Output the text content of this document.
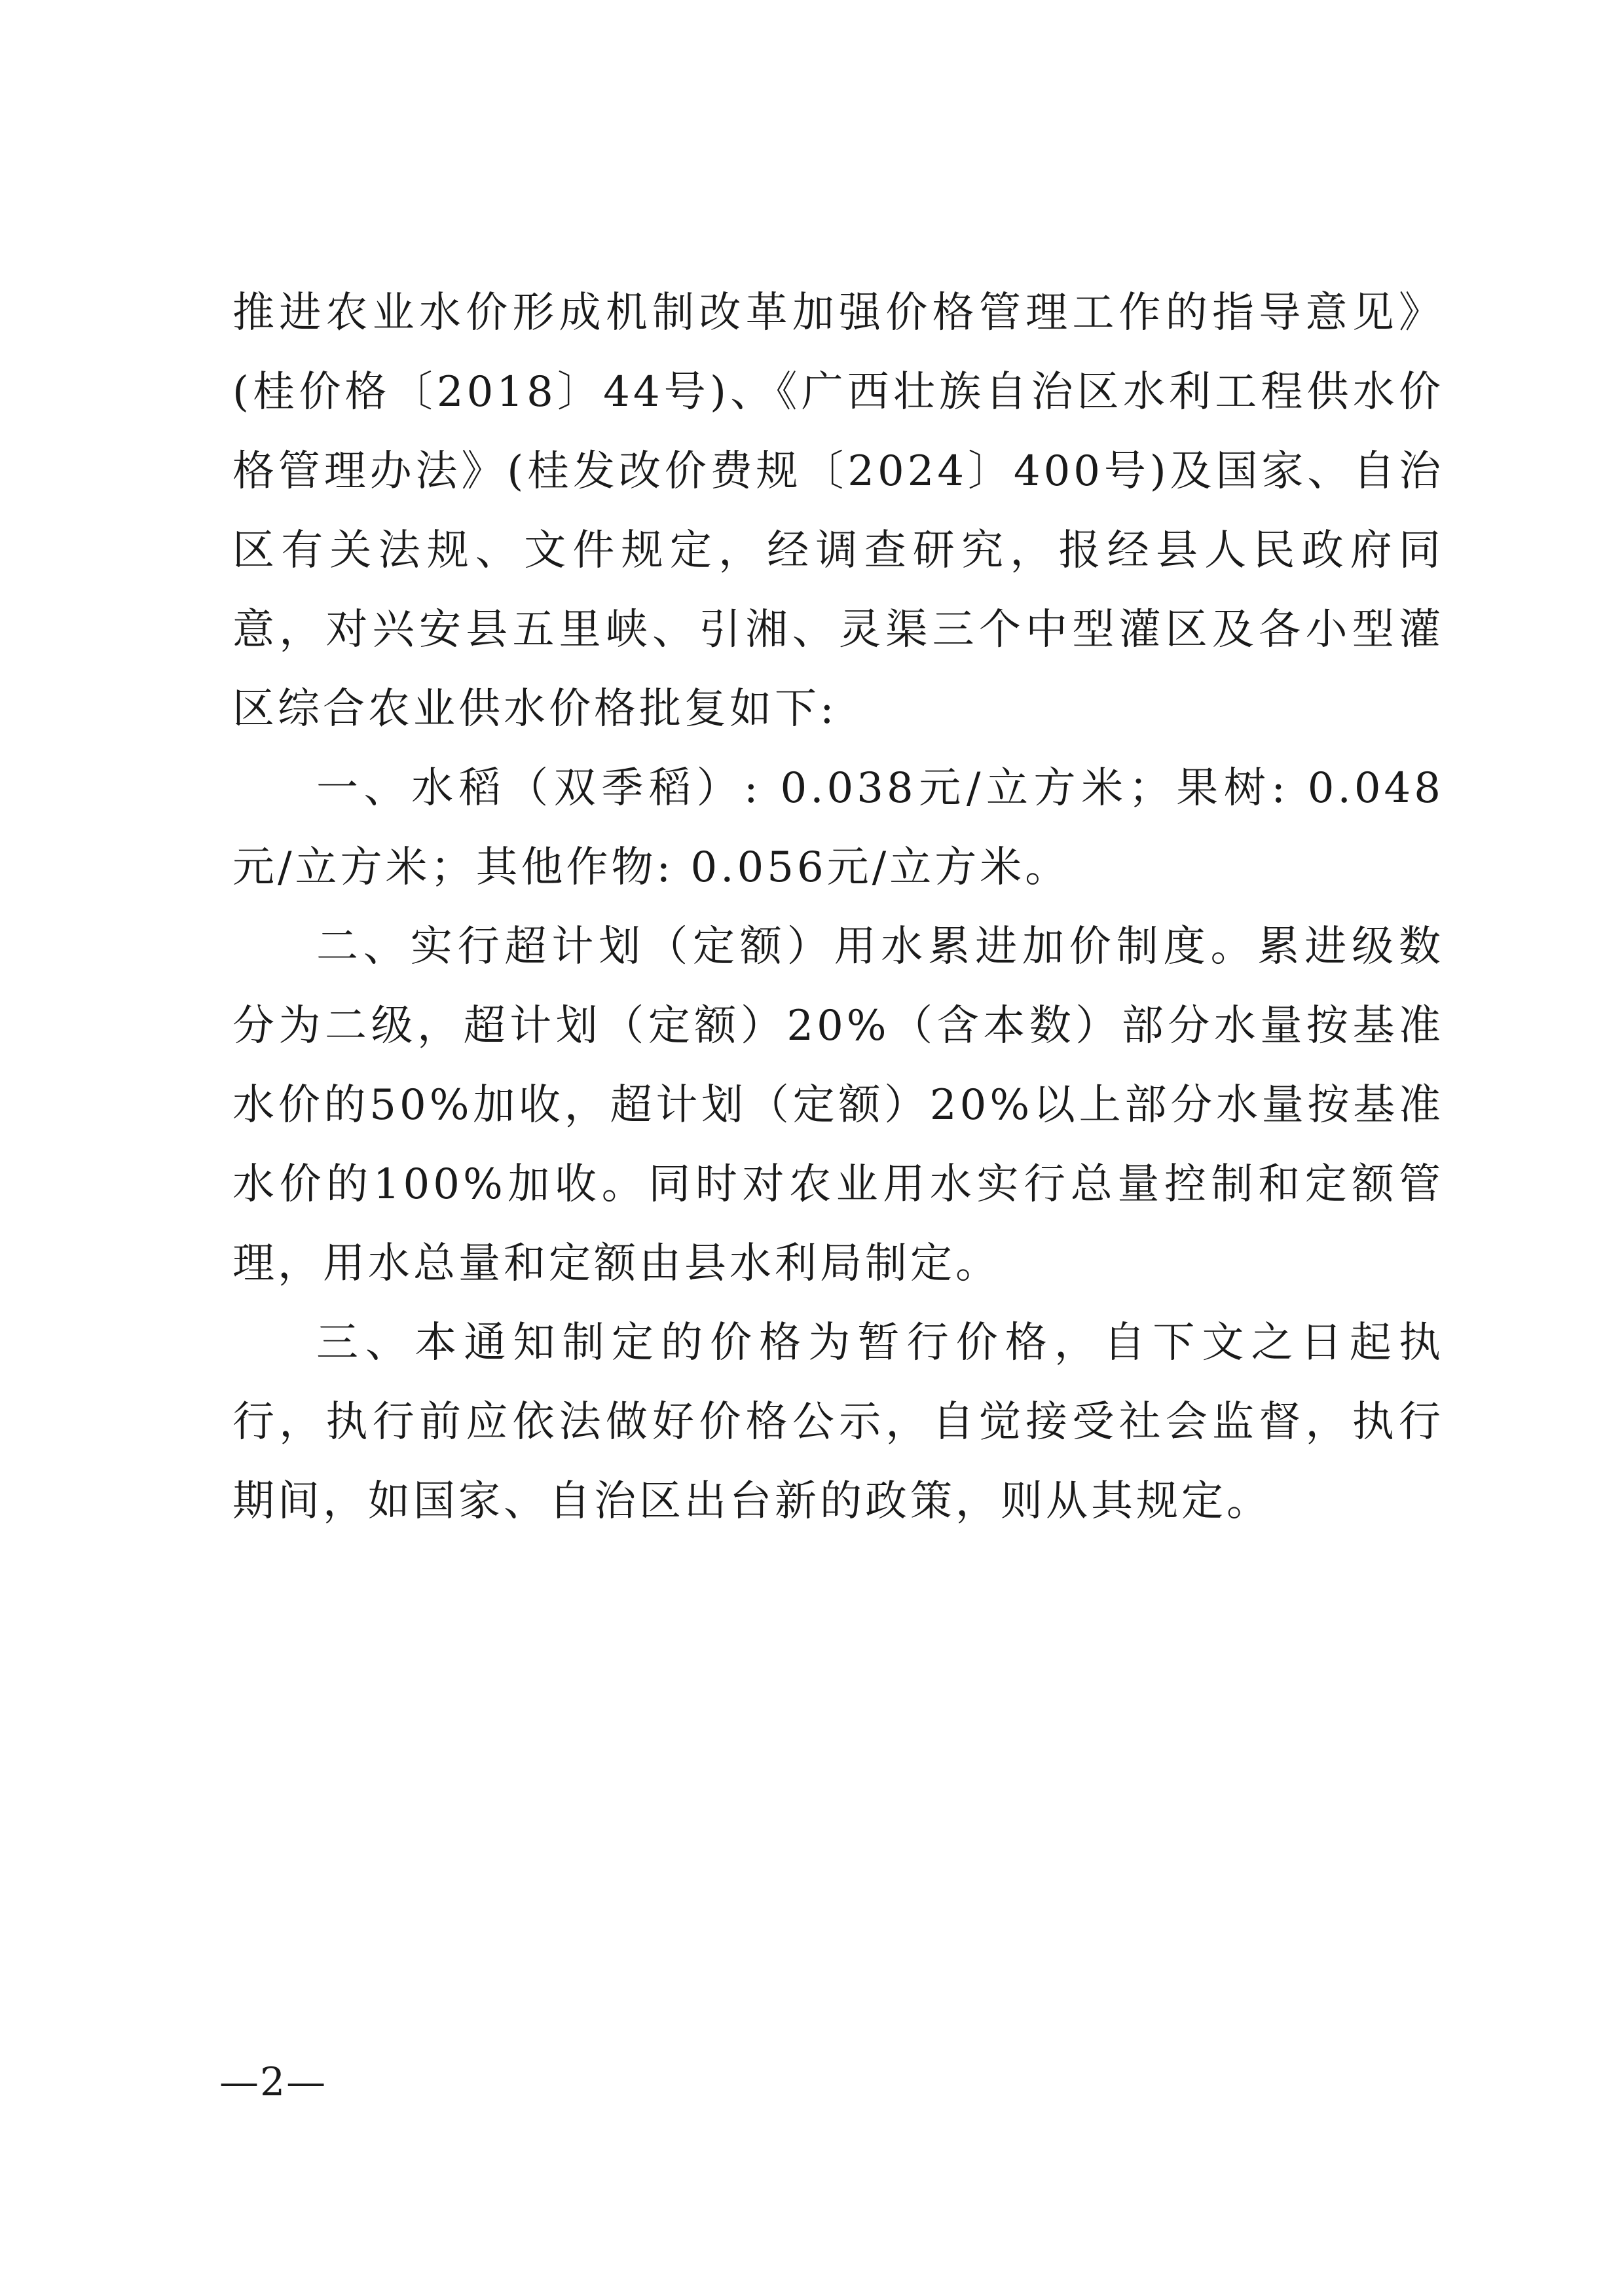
推进农业水价形成机制改革加强价格管理工作的指导意见》(桂价格〔2018〕44号)、《广西壮族自治区水利工程供水价格管理办法》(桂发改价费规〔2024〕400号)及国家、自治区有关法规、文件规定，经调查研究，报经县人民政府同意，对兴安县五里峡、引湘、灵渠三个中型灌区及各小型灌区综合农业供水价格批复如下:

一、水稻（双季稻）: 0.038元/立方米；果树: 0.048元/立方米；其他作物: 0.056元/立方米。

二、实行超计划（定额）用水累进加价制度。累进级数分为二级，超计划（定额）20%（含本数）部分水量按基准水价的50%加收，超计划（定额）20%以上部分水量按基准水价的100%加收。同时对农业用水实行总量控制和定额管理，用水总量和定额由县水利局制定。

三、本通知制定的价格为暂行价格，自下文之日起执行，执行前应依法做好价格公示，自觉接受社会监督，执行期间，如国家、自治区出台新的政策，则从其规定。

—2—
